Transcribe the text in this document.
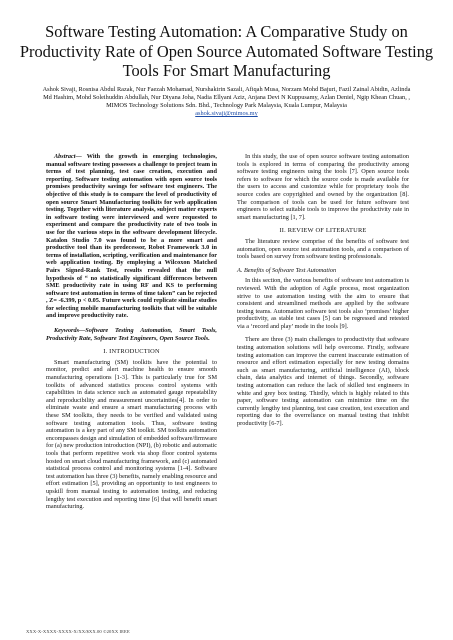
Software Testing Automation: A Comparative Study on Productivity Rate of Open Source Automated Software Testing Tools For Smart Manufacturing
Ashok Sivaji, Rosnisa Abdul Razak, Nur Faezah Mohamad, Nurshakirin Sazali, Afiqah Musa, Norzam Mohd Bajuri, Fazil Zainal Abidin, Azlinda Md Hashim, Mohd Soleihuddin Abdullah, Nur Diyana Joha, Nadia Ellyani Aziz, Anjana Devi N Kuppusamy, Azlan Deniel, Ngip Khean Chuan, ,
MIMOS Technology Solutions Sdn. Bhd., Technology Park Malaysia, Kuala Lumpur, Malaysia
ashok.sivaji@mimos.my

Abstract— With the growth in emerging technologies, manual software testing possesses a challenge to project team in terms of test planning, test case creation, execution and reporting. Software testing automation with open source tools promises productivity savings for software test engineers. The objective of this study is to compare the level of productivity of open source Smart Manufacturing toolkits for web application testing. Together with literature analysis, subject matter experts in software testing were interviewed and were requested to experiment and compare the productivity rate of two tools in use for the various steps in the software development lifecycle. Katalon Studio 7.0 was found to be a more smart and productive tool than its predecessor, Robot Framework 3.0 in terms of installation, scripting, verification and maintenance for web application testing. By employing a Wilcoxon Matched Pairs Signed-Rank Test, results revealed that the null hypothesis of “ no statistically significant differences between SME productivity rate in using RF and KS to performing software test automation in terms of time taken” can be rejected , Z= -6.399, p < 0.05. Future work could replicate similar studies for selecting mobile manufacturing toolkits that will be suitable and improve productivity rate.

Keywords—Software Testing Automation, Smart Tools, Productivity Rate, Software Test Engineers, Open Source Tools.

I. INTRODUCTION

Smart manufacturing (SM) toolkits have the potential to monitor, predict and alert machine health to ensure smooth manufacturing operations [1-3]. This is particularly true for SM toolkits of advanced statistics process control systems with capabilities in data science such as automated gauge repeatability and reproducibility and measurement uncertainties[4]. In order to eliminate waste and ensure a smart manufacturing process with these SM toolkits, they needs to be verified and validated using software testing automation tools. Thus, software testing automation is a key part of any SM toolkit. SM toolkits automation encompasses design and simulation of embedded software/firmware for (a) new production introduction (NPI), (b) robotic and automatic tools that perform repetitive work via shop floor control systems hosted on smart cloud manufacturing framework, and (c) automated statistical process control and monitoring systems [1-4]. Software test automation has three (3) benefits, namely enabling resource and effort estimation [5], providing an opportunity to test engineers to upskill from manual testing to automation testing, and reducing lengthy test execution and reporting time [6] that will benefit smart manufacturing.

In this study, the use of open source software testing automation tools is explored in terms of comparing the productivity among software testing engineers using the tools [7]. Open source tools refers to software for which the source code is made available for the users to access and customize while for proprietary tools the source codes are copyrighted and owned by the organization [8]. The comparison of tools can be used for future software test engineers to select suitable tools to improve the productivity rate in smart manufacturing [1, 7].

II. REVIEW OF LITERATURE

The literature review comprise of the benefits of software test automation, open source test automation tools, and a comparison of tools based on survey from software testing professionals.

A. Benefits of Software Test Automation

In this section, the various benefits of software test automation is reviewed. With the adoption of Agile process, most organization strive to use automation testing with the aim to ensure that consistent and streamlined methods are applied by the software testing teams. Automation software test tools also ‘promises’ higher productivity, as stable test cases [5] can be regressed and retested via a ‘record and play’ mode in the tools [9].

There are three (3) main challenges to productivity that software testing automation solutions will help overcome. Firstly, software testing automation can improve the current inaccurate estimation of resource and effort estimation especially for new testing domains such as smart manufacturing, artificial intelligence (AI), block chain, data analytics and internet of things. Secondly, software testing automation can reduce the lack of skilled test engineers in white and grey box testing. Thirdly, which is highly related to this paper, software testing automation can minimize time on the currently lengthy test planning, test case creation, test execution and reporting due to the overreliance on manual testing that inhibit productivity [6-7].

XXX-X-XXXX-XXXX-X/XX/$XX.00 ©20XX IEEE
